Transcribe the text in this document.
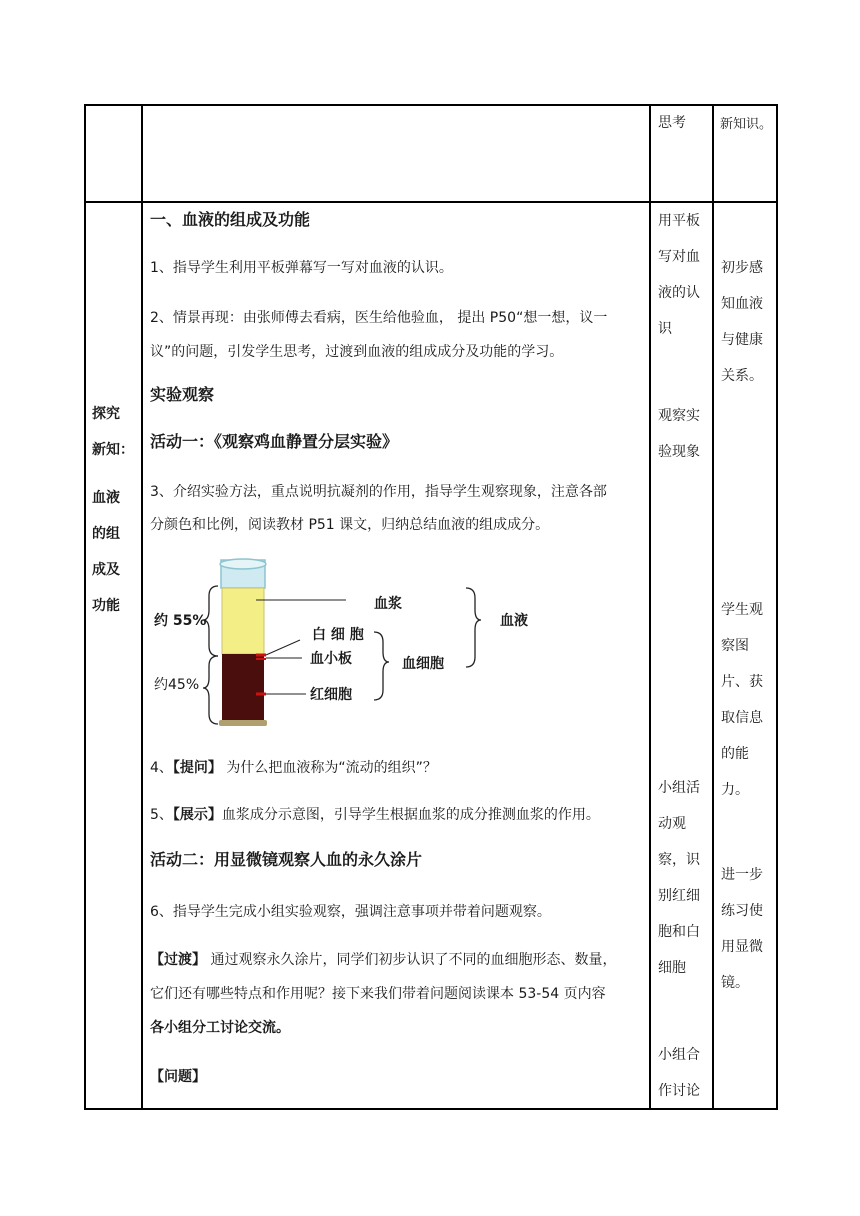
思考	新知识。
探究
新知：
血液
的组
成及
功能
一、血液的组成及功能
1、指导学生利用平板弹幕写一写对血液的认识。
2、情景再现：由张师傅去看病，医生给他验血， 提出 P50“想一想，议一
议”的问题，引发学生思考，过渡到血液的组成成分及功能的学习。
实验观察
活动一：《观察鸡血静置分层实验》
3、介绍实验方法，重点说明抗凝剂的作用，指导学生观察现象，注意各部
分颜色和比例，阅读教材 P51 课文，归纳总结血液的组成成分。
约 55%
约45%
血浆
白 细 胞
血小板
红细胞
血细胞
血液
4、【提问】 为什么把血液称为“流动的组织”？
5、【展示】血浆成分示意图，引导学生根据血浆的成分推测血浆的作用。
活动二：用显微镜观察人血的永久涂片
6、指导学生完成小组实验观察，强调注意事项并带着问题观察。
【过渡】 通过观察永久涂片，同学们初步认识了不同的血细胞形态、数量，
它们还有哪些特点和作用呢？接下来我们带着问题阅读课本 53-54 页内容
各小组分工讨论交流。
【问题】
用平板
写对血
液的认
识
观察实
验现象
小组活
动观
察，识
别红细
胞和白
细胞
小组合
作讨论
初步感
知血液
与健康
关系。
学生观
察图
片、获
取信息
的能
力。
进一步
练习使
用显微
镜。
